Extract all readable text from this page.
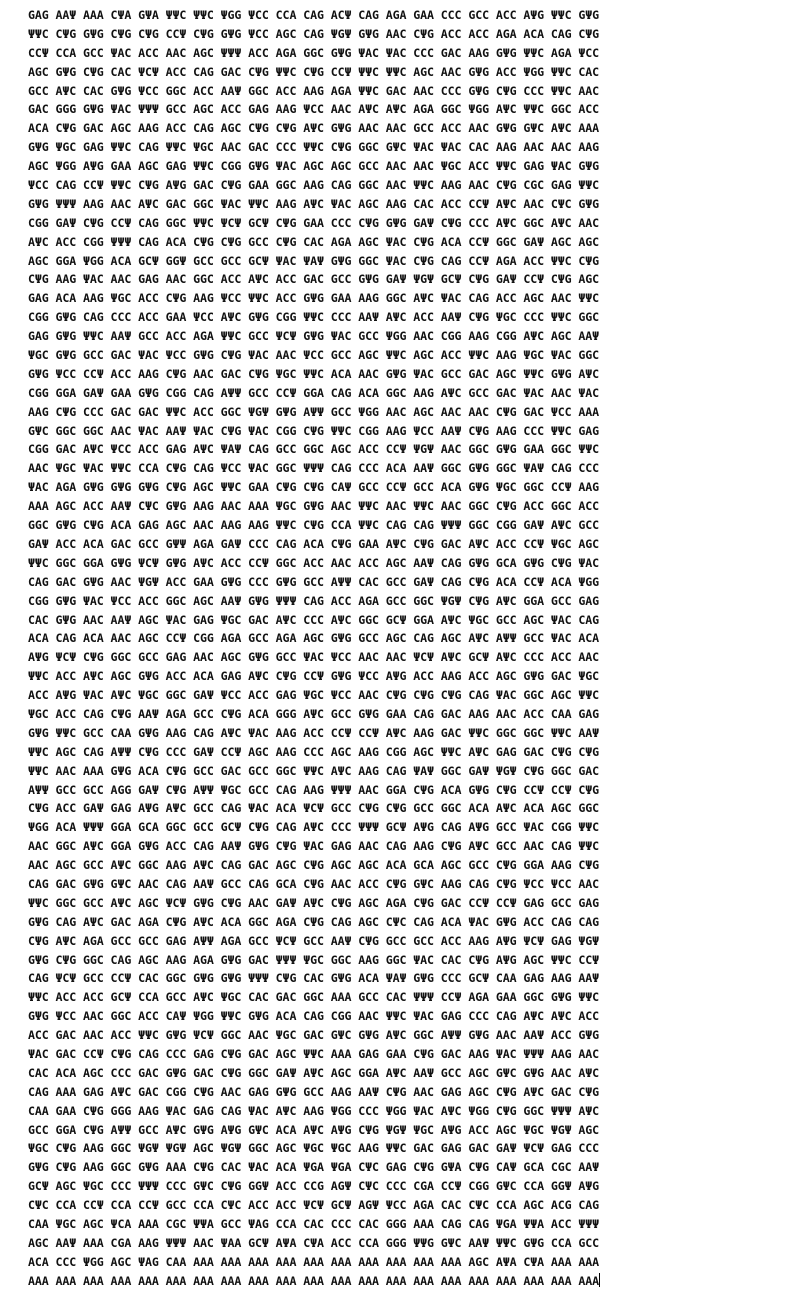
GAG AAΨ AAA CΨA GΨA ΨΨC ΨΨC ΨGG ΨCC CCA CAG ACΨ CAG AGA GAA CCC GCC ACC AΨG ΨΨC GΨG
ΨΨC CΨG GΨG CΨG CΨG CCΨ CΨG GΨG ΨCC AGC CAG ΨGΨ GΨG AAC CΨG ACC ACC AGA ACA CAG CΨG
CCΨ CCA GCC ΨAC ACC AAC AGC ΨΨΨ ACC AGA GGC GΨG ΨAC ΨAC CCC GAC AAG GΨG ΨΨC AGA ΨCC
AGC GΨG CΨG CAC ΨCΨ ACC CAG GAC CΨG ΨΨC CΨG CCΨ ΨΨC ΨΨC AGC AAC GΨG ACC ΨGG ΨΨC CAC
GCC AΨC CAC GΨG ΨCC GGC ACC AAΨ GGC ACC AAG AGA ΨΨC GAC AAC CCC GΨG CΨG CCC ΨΨC AAC
GAC GGG GΨG ΨAC ΨΨΨ GCC AGC ACC GAG AAG ΨCC AAC AΨC AΨC AGA GGC ΨGG AΨC ΨΨC GGC ACC
ACA CΨG GAC AGC AAG ACC CAG AGC CΨG CΨG AΨC GΨG AAC AAC GCC ACC AAC GΨG GΨC AΨC AAA
GΨG ΨGC GAG ΨΨC CAG ΨΨC ΨGC AAC GAC CCC ΨΨC CΨG GGC GΨC ΨAC ΨAC CAC AAG AAC AAC AAG
AGC ΨGG AΨG GAA AGC GAG ΨΨC CGG GΨG ΨAC AGC AGC GCC AAC AAC ΨGC ACC ΨΨC GAG ΨAC GΨG
ΨCC CAG CCΨ ΨΨC CΨG AΨG GAC CΨG GAA GGC AAG CAG GGC AAC ΨΨC AAG AAC CΨG CGC GAG ΨΨC
GΨG ΨΨΨ AAG AAC AΨC GAC GGC ΨAC ΨΨC AAG AΨC ΨAC AGC AAG CAC ACC CCΨ AΨC AAC CΨC GΨG
CGG GAΨ CΨG CCΨ CAG GGC ΨΨC ΨCΨ GCΨ CΨG GAA CCC CΨG GΨG GAΨ CΨG CCC AΨC GGC AΨC AAC
AΨC ACC CGG ΨΨΨ CAG ACA CΨG CΨG GCC CΨG CAC AGA AGC ΨAC CΨG ACA CCΨ GGC GAΨ AGC AGC
AGC GGA ΨGG ACA GCΨ GGΨ GCC GCC GCΨ ΨAC ΨAΨ GΨG GGC ΨAC CΨG CAG CCΨ AGA ACC ΨΨC CΨG
CΨG AAG ΨAC AAC GAG AAC GGC ACC AΨC ACC GAC GCC GΨG GAΨ ΨGΨ GCΨ CΨG GAΨ CCΨ CΨG AGC
GAG ACA AAG ΨGC ACC CΨG AAG ΨCC ΨΨC ACC GΨG GAA AAG GGC AΨC ΨAC CAG ACC AGC AAC ΨΨC
CGG GΨG CAG CCC ACC GAA ΨCC AΨC GΨG CGG ΨΨC CCC AAΨ AΨC ACC AAΨ CΨG ΨGC CCC ΨΨC GGC
GAG GΨG ΨΨC AAΨ GCC ACC AGA ΨΨC GCC ΨCΨ GΨG ΨAC GCC ΨGG AAC CGG AAG CGG AΨC AGC AAΨ
ΨGC GΨG GCC GAC ΨAC ΨCC GΨG CΨG ΨAC AAC ΨCC GCC AGC ΨΨC AGC ACC ΨΨC AAG ΨGC ΨAC GGC
GΨG ΨCC CCΨ ACC AAG CΨG AAC GAC CΨG ΨGC ΨΨC ACA AAC GΨG ΨAC GCC GAC AGC ΨΨC GΨG AΨC
CGG GGA GAΨ GAA GΨG CGG CAG AΨΨ GCC CCΨ GGA CAG ACA GGC AAG AΨC GCC GAC ΨAC AAC ΨAC
AAG CΨG CCC GAC GAC ΨΨC ACC GGC ΨGΨ GΨG AΨΨ GCC ΨGG AAC AGC AAC AAC CΨG GAC ΨCC AAA
GΨC GGC GGC AAC ΨAC AAΨ ΨAC CΨG ΨAC CGG CΨG ΨΨC CGG AAG ΨCC AAΨ CΨG AAG CCC ΨΨC GAG
CGG GAC AΨC ΨCC ACC GAG AΨC ΨAΨ CAG GCC GGC AGC ACC CCΨ ΨGΨ AAC GGC GΨG GAA GGC ΨΨC
AAC ΨGC ΨAC ΨΨC CCA CΨG CAG ΨCC ΨAC GGC ΨΨΨ CAG CCC ACA AAΨ GGC GΨG GGC ΨAΨ CAG CCC
ΨAC AGA GΨG GΨG GΨG CΨG AGC ΨΨC GAA CΨG CΨG CAΨ GCC CCΨ GCC ACA GΨG ΨGC GGC CCΨ AAG
AAA AGC ACC AAΨ CΨC GΨG AAG AAC AAA ΨGC GΨG AAC ΨΨC AAC ΨΨC AAC GGC CΨG ACC GGC ACC
GGC GΨG CΨG ACA GAG AGC AAC AAG AAG ΨΨC CΨG CCA ΨΨC CAG CAG ΨΨΨ GGC CGG GAΨ AΨC GCC
GAΨ ACC ACA GAC GCC GΨΨ AGA GAΨ CCC CAG ACA CΨG GAA AΨC CΨG GAC AΨC ACC CCΨ ΨGC AGC
ΨΨC GGC GGA GΨG ΨCΨ GΨG AΨC ACC CCΨ GGC ACC AAC ACC AGC AAΨ CAG GΨG GCA GΨG CΨG ΨAC
CAG GAC GΨG AAC ΨGΨ ACC GAA GΨG CCC GΨG GCC AΨΨ CAC GCC GAΨ CAG CΨG ACA CCΨ ACA ΨGG
CGG GΨG ΨAC ΨCC ACC GGC AGC AAΨ GΨG ΨΨΨ CAG ACC AGA GCC GGC ΨGΨ CΨG AΨC GGA GCC GAG
CAC GΨG AAC AAΨ AGC ΨAC GAG ΨGC GAC AΨC CCC AΨC GGC GCΨ GGA AΨC ΨGC GCC AGC ΨAC CAG
ACA CAG ACA AAC AGC CCΨ CGG AGA GCC AGA AGC GΨG GCC AGC CAG AGC AΨC AΨΨ GCC ΨAC ACA
AΨG ΨCΨ CΨG GGC GCC GAG AAC AGC GΨG GCC ΨAC ΨCC AAC AAC ΨCΨ AΨC GCΨ AΨC CCC ACC AAC
ΨΨC ACC AΨC AGC GΨG ACC ACA GAG AΨC CΨG CCΨ GΨG ΨCC AΨG ACC AAG ACC AGC GΨG GAC ΨGC
ACC AΨG ΨAC AΨC ΨGC GGC GAΨ ΨCC ACC GAG ΨGC ΨCC AAC CΨG CΨG CΨG CAG ΨAC GGC AGC ΨΨC
ΨGC ACC CAG CΨG AAΨ AGA GCC CΨG ACA GGG AΨC GCC GΨG GAA CAG GAC AAG AAC ACC CAA GAG
GΨG ΨΨC GCC CAA GΨG AAG CAG AΨC ΨAC AAG ACC CCΨ CCΨ AΨC AAG GAC ΨΨC GGC GGC ΨΨC AAΨ
ΨΨC AGC CAG AΨΨ CΨG CCC GAΨ CCΨ AGC AAG CCC AGC AAG CGG AGC ΨΨC AΨC GAG GAC CΨG CΨG
ΨΨC AAC AAA GΨG ACA CΨG GCC GAC GCC GGC ΨΨC AΨC AAG CAG ΨAΨ GGC GAΨ ΨGΨ CΨG GGC GAC
AΨΨ GCC GCC AGG GAΨ CΨG AΨΨ ΨGC GCC CAG AAG ΨΨΨ AAC GGA CΨG ACA GΨG CΨG CCΨ CCΨ CΨG
CΨG ACC GAΨ GAG AΨG AΨC GCC CAG ΨAC ACA ΨCΨ GCC CΨG CΨG GCC GGC ACA AΨC ACA AGC GGC
ΨGG ACA ΨΨΨ GGA GCA GGC GCC GCΨ CΨG CAG AΨC CCC ΨΨΨ GCΨ AΨG CAG AΨG GCC ΨAC CGG ΨΨC
AAC GGC AΨC GGA GΨG ACC CAG AAΨ GΨG CΨG ΨAC GAG AAC CAG AAG CΨG AΨC GCC AAC CAG ΨΨC
AAC AGC GCC AΨC GGC AAG AΨC CAG GAC AGC CΨG AGC AGC ACA GCA AGC GCC CΨG GGA AAG CΨG
CAG GAC GΨG GΨC AAC CAG AAΨ GCC CAG GCA CΨG AAC ACC CΨG GΨC AAG CAG CΨG ΨCC ΨCC AAC
ΨΨC GGC GCC AΨC AGC ΨCΨ GΨG CΨG AAC GAΨ AΨC CΨG AGC AGA CΨG GAC CCΨ CCΨ GAG GCC GAG
GΨG CAG AΨC GAC AGA CΨG AΨC ACA GGC AGA CΨG CAG AGC CΨC CAG ACA ΨAC GΨG ACC CAG CAG
CΨG AΨC AGA GCC GCC GAG AΨΨ AGA GCC ΨCΨ GCC AAΨ CΨG GCC GCC ACC AAG AΨG ΨCΨ GAG ΨGΨ
GΨG CΨG GGC CAG AGC AAG AGA GΨG GAC ΨΨΨ ΨGC GGC AAG GGC ΨAC CAC CΨG AΨG AGC ΨΨC CCΨ
CAG ΨCΨ GCC CCΨ CAC GGC GΨG GΨG ΨΨΨ CΨG CAC GΨG ACA ΨAΨ GΨG CCC GCΨ CAA GAG AAG AAΨ
ΨΨC ACC ACC GCΨ CCA GCC AΨC ΨGC CAC GAC GGC AAA GCC CAC ΨΨΨ CCΨ AGA GAA GGC GΨG ΨΨC
GΨG ΨCC AAC GGC ACC CAΨ ΨGG ΨΨC GΨG ACA CAG CGG AAC ΨΨC ΨAC GAG CCC CAG AΨC AΨC ACC
ACC GAC AAC ACC ΨΨC GΨG ΨCΨ GGC AAC ΨGC GAC GΨC GΨG AΨC GGC AΨΨ GΨG AAC AAΨ ACC GΨG
ΨAC GAC CCΨ CΨG CAG CCC GAG CΨG GAC AGC ΨΨC AAA GAG GAA CΨG GAC AAG ΨAC ΨΨΨ AAG AAC
CAC ACA AGC CCC GAC GΨG GAC CΨG GGC GAΨ AΨC AGC GGA AΨC AAΨ GCC AGC GΨC GΨG AAC AΨC
CAG AAA GAG AΨC GAC CGG CΨG AAC GAG GΨG GCC AAG AAΨ CΨG AAC GAG AGC CΨG AΨC GAC CΨG
CAA GAA CΨG GGG AAG ΨAC GAG CAG ΨAC AΨC AAG ΨGG CCC ΨGG ΨAC AΨC ΨGG CΨG GGC ΨΨΨ AΨC
GCC GGA CΨG AΨΨ GCC AΨC GΨG AΨG GΨC ACA AΨC AΨG CΨG ΨGΨ ΨGC AΨG ACC AGC ΨGC ΨGΨ AGC
ΨGC CΨG AAG GGC ΨGΨ ΨGΨ AGC ΨGΨ GGC AGC ΨGC ΨGC AAG ΨΨC GAC GAG GAC GAΨ ΨCΨ GAG CCC
GΨG CΨG AAG GGC GΨG AAA CΨG CAC ΨAC ACA ΨGA ΨGA CΨC GAG CΨG GΨA CΨG CAΨ GCA CGC AAΨ
GCΨ AGC ΨGC CCC ΨΨΨ CCC GΨC CΨG GGΨ ACC CCG AGΨ CΨC CCC CGA CCΨ CGG GΨC CCA GGΨ AΨG
CΨC CCA CCΨ CCA CCΨ GCC CCA CΨC ACC ACC ΨCΨ GCΨ AGΨ ΨCC AGA CAC CΨC CCA AGC ACG CAG
CAA ΨGC AGC ΨCA AAA CGC ΨΨA GCC ΨAG CCA CAC CCC CAC GGG AAA CAG CAG ΨGA ΨΨA ACC ΨΨΨ
AGC AAΨ AAA CGA AAG ΨΨΨ AAC ΨAA GCΨ AΨA CΨA ACC CCA GGG ΨΨG GΨC AAΨ ΨΨC GΨG CCA GCC
ACA CCC ΨGG AGC ΨAG CAA AAA AAA AAA AAA AAA AAA AAA AAA AAA AAA AGC AΨA CΨA AAA AAA
AAA AAA AAA AAA AAA AAA AAA AAA AAA AAA AAA AAA AAA AAA AAA AAA AAA AAA AAA AAA AAA
